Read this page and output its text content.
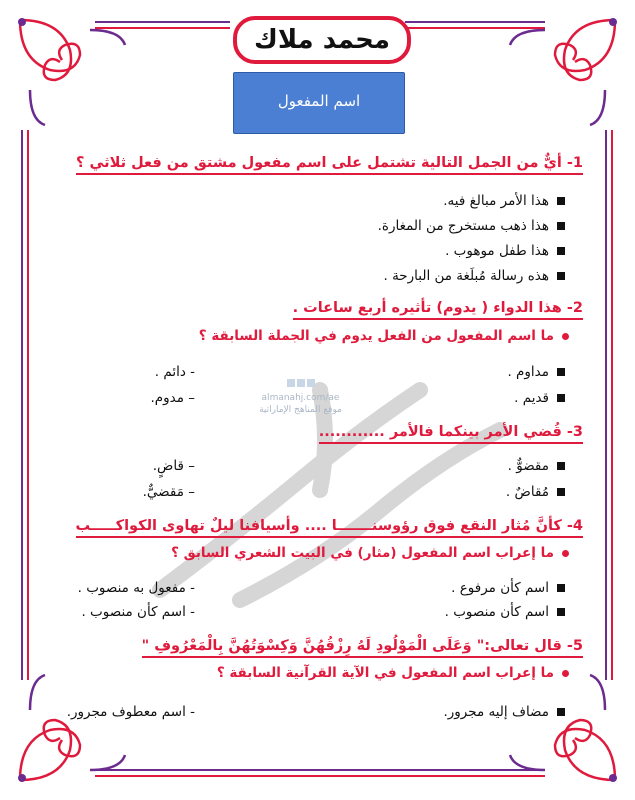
almanahj.com/ae
موقع المناهج الإماراتية
محمد ملاك
اسم المفعول
1- أيٌّ من الجمل التالية تشتمل على اسم مفعول مشتق من فعل ثلاثي ؟
هذا الأمر مبالغ فيه.
هذا ذهب مستخرج من المغارة.
هذا طفل موهوب .
هذه رسالة مُبلَغة من البارحة .
2- هذا الدواء ( يدوم) تأثيره أربع ساعات .
ما اسم المفعول من الفعل يدوم في الجملة السابقة ؟
مداوم .
قديم .
- دائم .
– مدوم.
3- قُضي الأمر بينكما فالأمر ............
مقضوٌّ .
مُقاضٌ .
– قاضٍ.
– مَقضيٌّ.
4- كأنَّ مُثار النقع فوق رؤوسنـــــــا .... وأسيافنا ليلٌ تهاوى الكواكـــــب
ما إعراب اسم المفعول (مثار) في البيت الشعري السابق ؟
اسم كأن مرفوع .
اسم كأن منصوب .
- مفعول به منصوب .
- اسم كأن منصوب .
5- قال تعالى:" وَعَلَى الْمَوْلُودِ لَهُ رِزْقُهُنَّ وَكِسْوَتُهُنَّ بِالْمَعْرُوفِ "
ما إعراب اسم المفعول في الآية القرآنية السابقة ؟
مضاف إليه مجرور.
- اسم معطوف مجرور.
